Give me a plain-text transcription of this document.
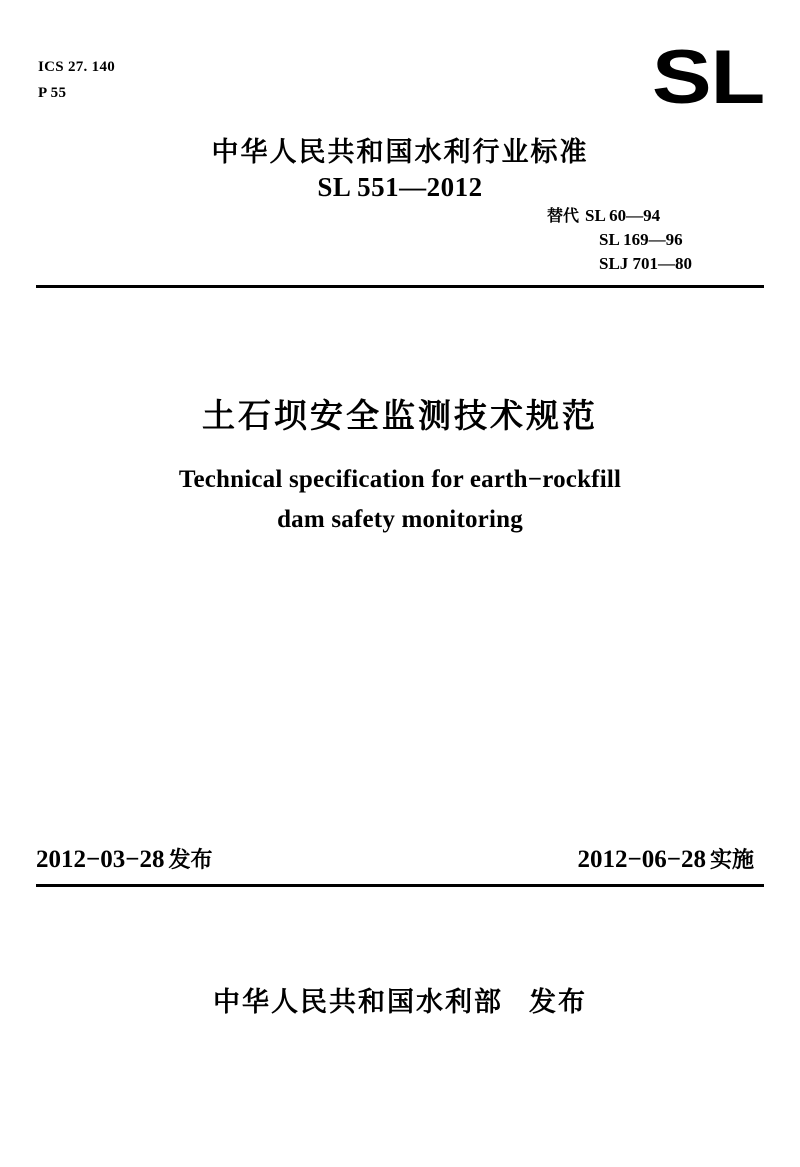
ICS 27. 140
P 55	SL
中华人民共和国水利行业标准
SL 551—2012
替代 SL 60—94
SL 169—96
SLJ 701—80
土石坝安全监测技术规范
Technical specification for earth−rockfill
dam safety monitoring
2012−03−28 发布	2012−06−28 实施
中华人民共和国水利部 发布
